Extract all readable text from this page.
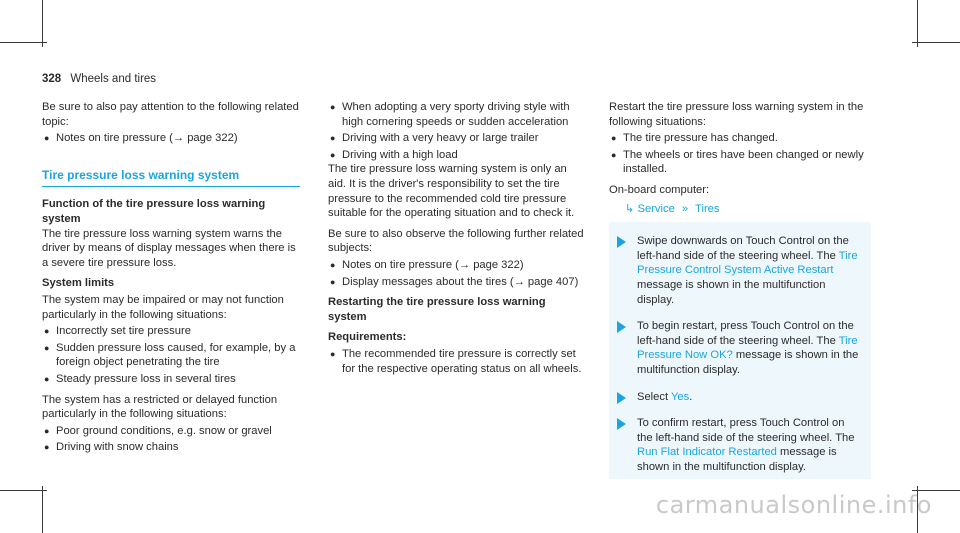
328 Wheels and tires

Be sure to also pay attention to the following related topic:

● Notes on tire pressure (→ page 322)

Tire pressure loss warning system

Function of the tire pressure loss warning system

The tire pressure loss warning system warns the driver by means of display messages when there is a severe tire pressure loss.

System limits

The system may be impaired or may not function particularly in the following situations:

● Incorrectly set tire pressure
● Sudden pressure loss caused, for example, by a foreign object penetrating the tire
● Steady pressure loss in several tires

The system has a restricted or delayed function particularly in the following situations:

● Poor ground conditions, e.g. snow or gravel
● Driving with snow chains
● When adopting a very sporty driving style with high cornering speeds or sudden acceleration
● Driving with a very heavy or large trailer
● Driving with a high load

The tire pressure loss warning system is only an aid. It is the driver's responsibility to set the tire pressure to the recommended cold tire pressure suitable for the operating situation and to check it.

Be sure to also observe the following further related subjects:

● Notes on tire pressure (→ page 322)
● Display messages about the tires (→ page 407)

Restarting the tire pressure loss warning system

Requirements:

● The recommended tire pressure is correctly set for the respective operating status on all wheels.

Restart the tire pressure loss warning system in the following situations:

● The tire pressure has changed.
● The wheels or tires have been changed or newly installed.

On-board computer:

↳ Service » Tires

Swipe downwards on Touch Control on the left-hand side of the steering wheel. The Tire Pressure Control System Active Restart message is shown in the multifunction display.
To begin restart, press Touch Control on the left-hand side of the steering wheel. The Tire Pressure Now OK? message is shown in the multifunction display.
Select Yes.
To confirm restart, press Touch Control on the left-hand side of the steering wheel. The Run Flat Indicator Restarted message is shown in the multifunction display.
carmanualsonline.info
